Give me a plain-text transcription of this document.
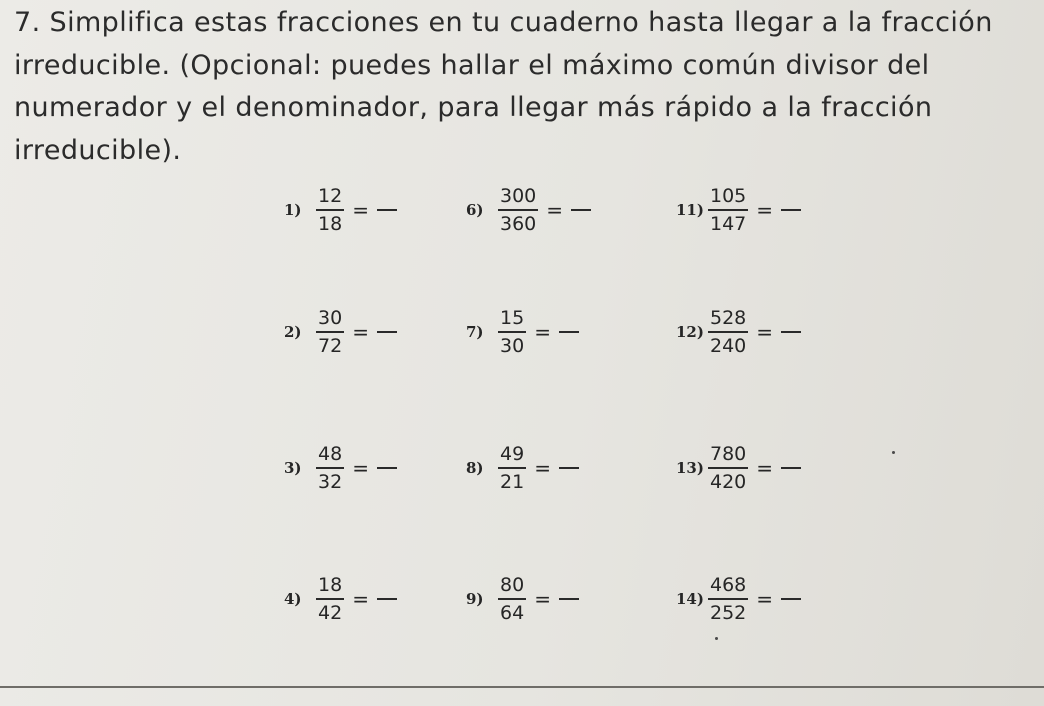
7. Simplifica estas fracciones en tu cuaderno hasta llegar a la fracción
irreducible. (Opcional: puedes hallar el máximo común divisor del
numerador y el denominador, para llegar más rápido a la fracción
irreducible).
$1) \frac{12}{18}$ =
$2) \frac{30}{72}$ =
$3) \frac{48}{32}$ =
$4) \frac{18}{42}$ =
$6) \frac{300}{360}$ =
$7) \frac{15}{30}$ =
$8) \frac{49}{21}$ =
$9) \frac{80}{64}$ =
$11) \frac{105}{147}$ =
$12) \frac{528}{240}$ =
$13) \frac{780}{420}$ =
$14) \frac{468}{252}$ =
